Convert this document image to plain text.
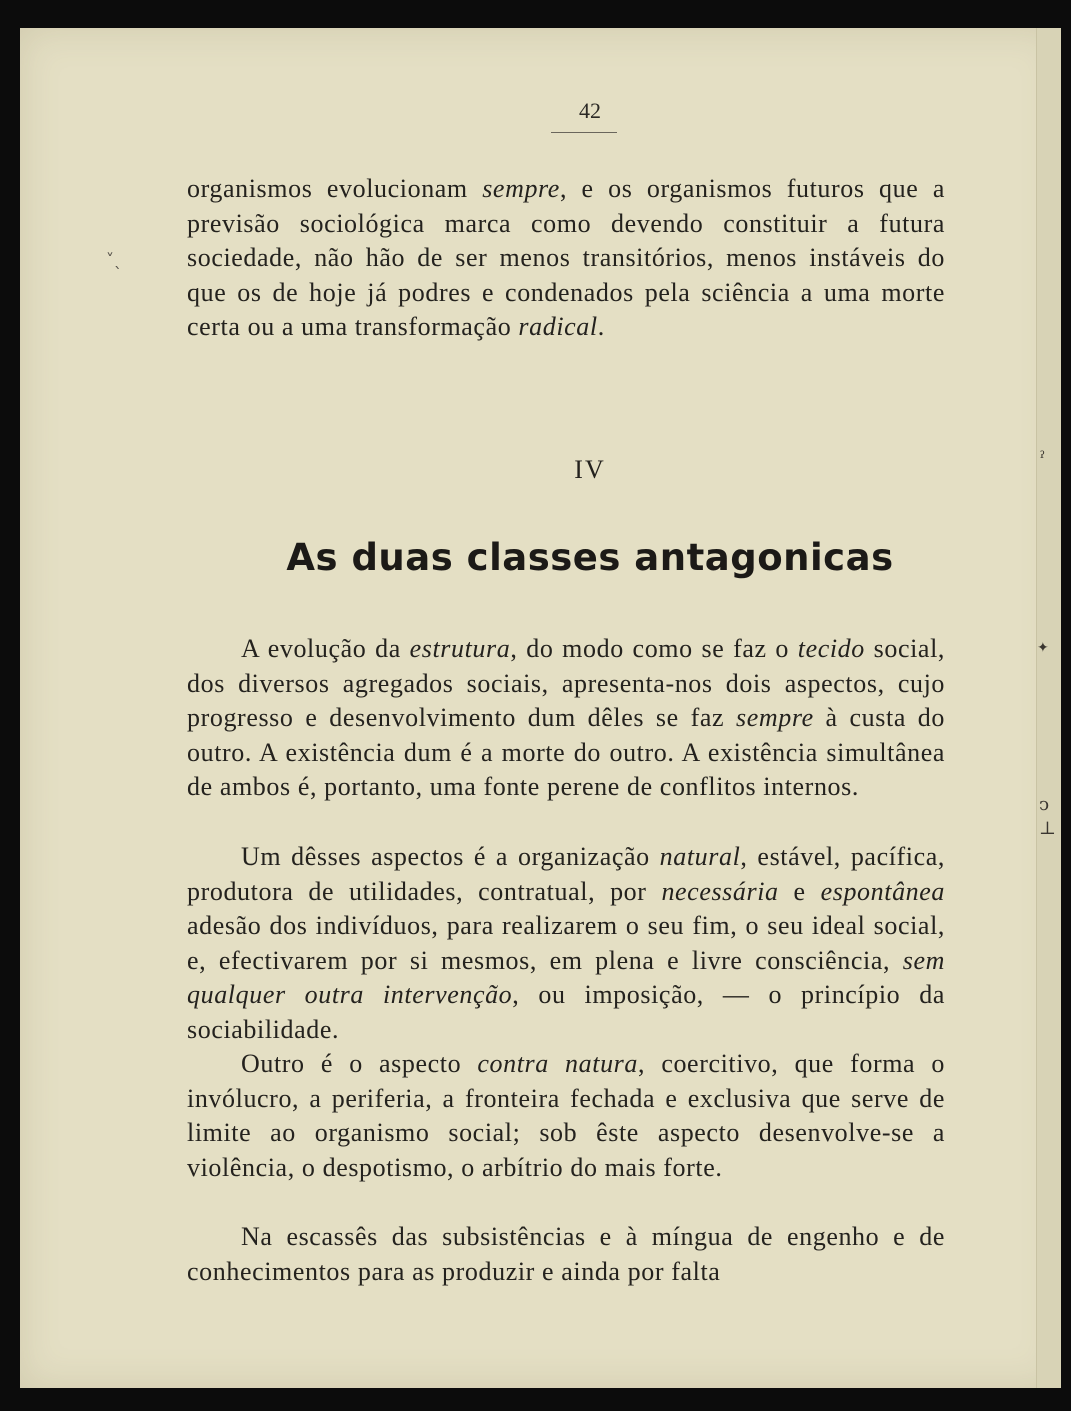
ˀ
✦
ↄ
⊥
˅ˎ
42
organismos evolucionam sempre, e os organismos futuros que a previsão sociológica marca como devendo constituir a futura sociedade, não hão de ser menos transitórios, menos instáveis do que os de hoje já podres e condenados pela sciência a uma morte certa ou a uma transformação radical.
IV
As duas classes antagonicas
A evolução da estrutura, do modo como se faz o tecido social, dos diversos agregados sociais, apresenta-nos dois aspectos, cujo progresso e desenvolvimento dum dêles se faz sempre à custa do outro. A existência dum é a morte do outro. A existência simultânea de ambos é, portanto, uma fonte perene de conflitos internos.
Um dêsses aspectos é a organização natural, estável, pacífica, produtora de utilidades, contratual, por necessária e espontânea adesão dos indivíduos, para realizarem o seu fim, o seu ideal social, e, efectivarem por si mesmos, em plena e livre consciência, sem qualquer outra intervenção, ou imposição, — o princípio da sociabilidade.
Outro é o aspecto contra natura, coercitivo, que forma o invólucro, a periferia, a fronteira fechada e exclusiva que serve de limite ao organismo social; sob êste aspecto desenvolve-se a violência, o despotismo, o arbítrio do mais forte.
Na escassês das subsistências e à míngua de engenho e de conhecimentos para as produzir e ainda por falta
